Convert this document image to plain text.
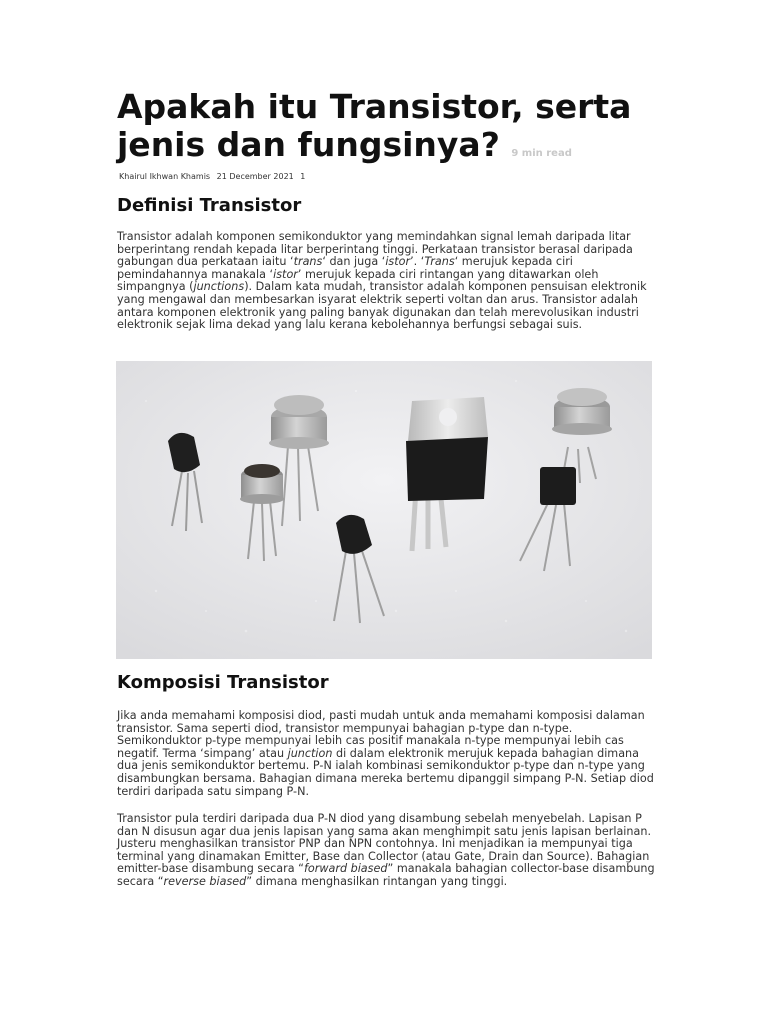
Apakah itu Transistor, serta jenis dan fungsinya? 9 min read
Khairul Ikhwan Khamis 21 December 2021 1
Definisi Transistor

Transistor adalah komponen semikonduktor yang memindahkan signal lemah daripada litar berperintang rendah kepada litar berperintang tinggi. Perkataan transistor berasal daripada gabungan dua perkataan iaitu ‘trans‘ dan juga ‘istor’. ‘Trans‘ merujuk kepada ciri pemindahannya manakala ‘istor’ merujuk kepada ciri rintangan yang ditawarkan oleh simpangnya (junctions). Dalam kata mudah, transistor adalah komponen pensuisan elektronik yang mengawal dan membesarkan isyarat elektrik seperti voltan dan arus. Transistor adalah antara komponen elektronik yang paling banyak digunakan dan telah merevolusikan industri elektronik sejak lima dekad yang lalu kerana kebolehannya berfungsi sebagai suis.

Komposisi Transistor

Jika anda memahami komposisi diod, pasti mudah untuk anda memahami komposisi dalaman transistor. Sama seperti diod, transistor mempunyai bahagian p-type dan n-type. Semikonduktor p-type mempunyai lebih cas positif manakala n-type mempunyai lebih cas negatif. Terma ‘simpang’ atau junction di dalam elektronik merujuk kepada bahagian dimana dua jenis semikonduktor bertemu. P-N ialah kombinasi semikonduktor p-type dan n-type yang disambungkan bersama. Bahagian dimana mereka bertemu dipanggil simpang P-N. Setiap diod terdiri daripada satu simpang P-N.

Transistor pula terdiri daripada dua P-N diod yang disambung sebelah menyebelah. Lapisan P dan N disusun agar dua jenis lapisan yang sama akan menghimpit satu jenis lapisan berlainan. Justeru menghasilkan transistor PNP dan NPN contohnya. Ini menjadikan ia mempunyai tiga terminal yang dinamakan Emitter, Base dan Collector (atau Gate, Drain dan Source). Bahagian emitter-base disambung secara “forward biased” manakala bahagian collector-base disambung secara “reverse biased” dimana menghasilkan rintangan yang tinggi.
